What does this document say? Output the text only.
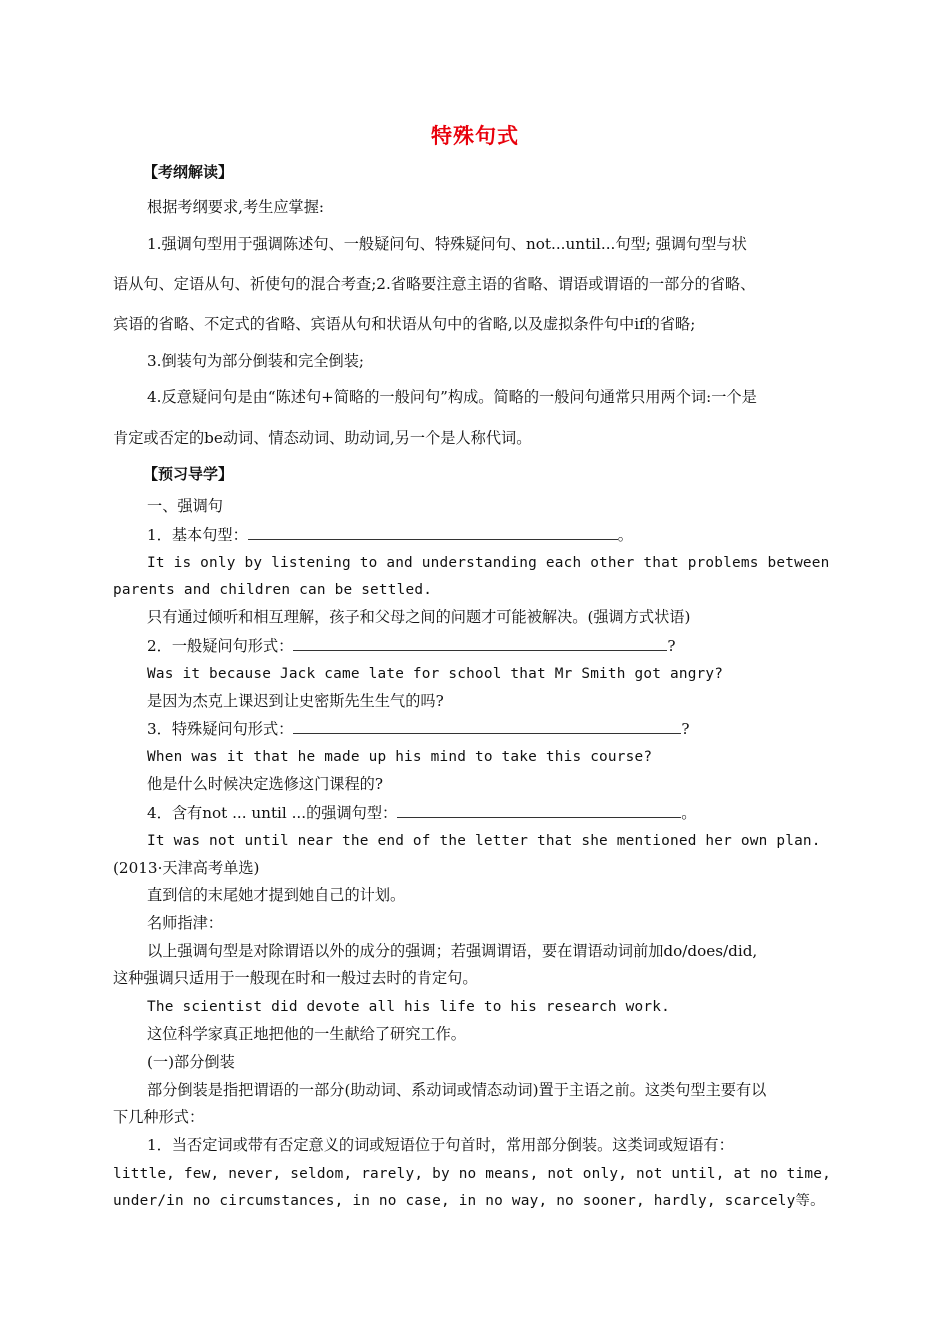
特殊句式
【考纲解读】
根据考纲要求,考生应掌握:
1.强调句型用于强调陈述句、一般疑问句、特殊疑问句、not...until...句型; 强调句型与状
语从句、定语从句、祈使句的混合考查;2.省略要注意主语的省略、谓语或谓语的一部分的省略、
宾语的省略、不定式的省略、宾语从句和状语从句中的省略,以及虚拟条件句中if的省略;
3.倒装句为部分倒装和完全倒装;
4.反意疑问句是由“陈述句+简略的一般问句”构成。简略的一般问句通常只用两个词:一个是
肯定或否定的be动词、情态动词、助动词,另一个是人称代词。
【预习导学】
一、强调句
1．基本句型：	。
It is only by listening to and understanding each other that problems between
parents and children can be settled.
只有通过倾听和相互理解，孩子和父母之间的问题才可能被解决。(强调方式状语)
2．一般疑问句形式：	?
Was it because Jack came late for school that Mr Smith got angry?
是因为杰克上课迟到让史密斯先生生气的吗?
3．特殊疑问句形式：	?
When was it that he made up his mind to take this course?
他是什么时候决定选修这门课程的?
4．含有not ... until ...的强调句型：	。
It was not until near the end of the letter that she mentioned her own plan.
(2013·天津高考单选)
直到信的末尾她才提到她自己的计划。
名师指津：
以上强调句型是对除谓语以外的成分的强调；若强调谓语，要在谓语动词前加do/does/did,
这种强调只适用于一般现在时和一般过去时的肯定句。
The scientist did devote all his life to his research work.
这位科学家真正地把他的一生献给了研究工作。
(一)部分倒装
部分倒装是指把谓语的一部分(助动词、系动词或情态动词)置于主语之前。这类句型主要有以
下几种形式：
1．当否定词或带有否定意义的词或短语位于句首时，常用部分倒装。这类词或短语有：
little, few, never, seldom, rarely, by no means, not only, not until, at no time,
under/in no circumstances, in no case, in no way, no sooner, hardly, scarcely等。
